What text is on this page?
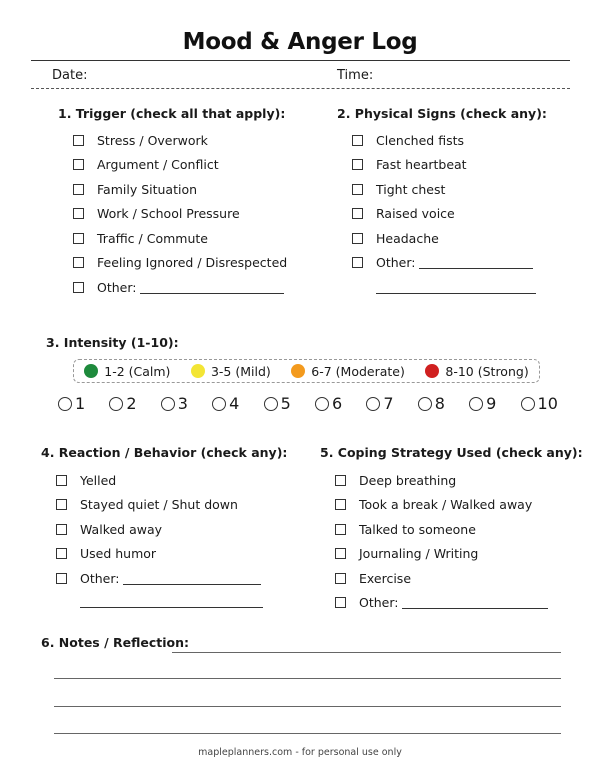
Mood & Anger Log
Date:	Time:
1. Trigger (check all that apply):
Stress / Overwork
Argument / Conflict
Family Situation
Work / School Pressure
Traffic / Commute
Feeling Ignored / Disrespected
Other:
2. Physical Signs (check any):
Clenched fists
Fast heartbeat
Tight chest
Raised voice
Headache
Other:
3. Intensity (1-10):
1-2 (Calm)	3-5 (Mild)	6-7 (Moderate)	8-10 (Strong)
1	2	3	4	5	6	7	8	9	10
4. Reaction / Behavior (check any):
Yelled
Stayed quiet / Shut down
Walked away
Used humor
Other:
5. Coping Strategy Used (check any):
Deep breathing
Took a break / Walked away
Talked to someone
Journaling / Writing
Exercise
Other:
6. Notes / Reflection:
mapleplanners.com - for personal use only
